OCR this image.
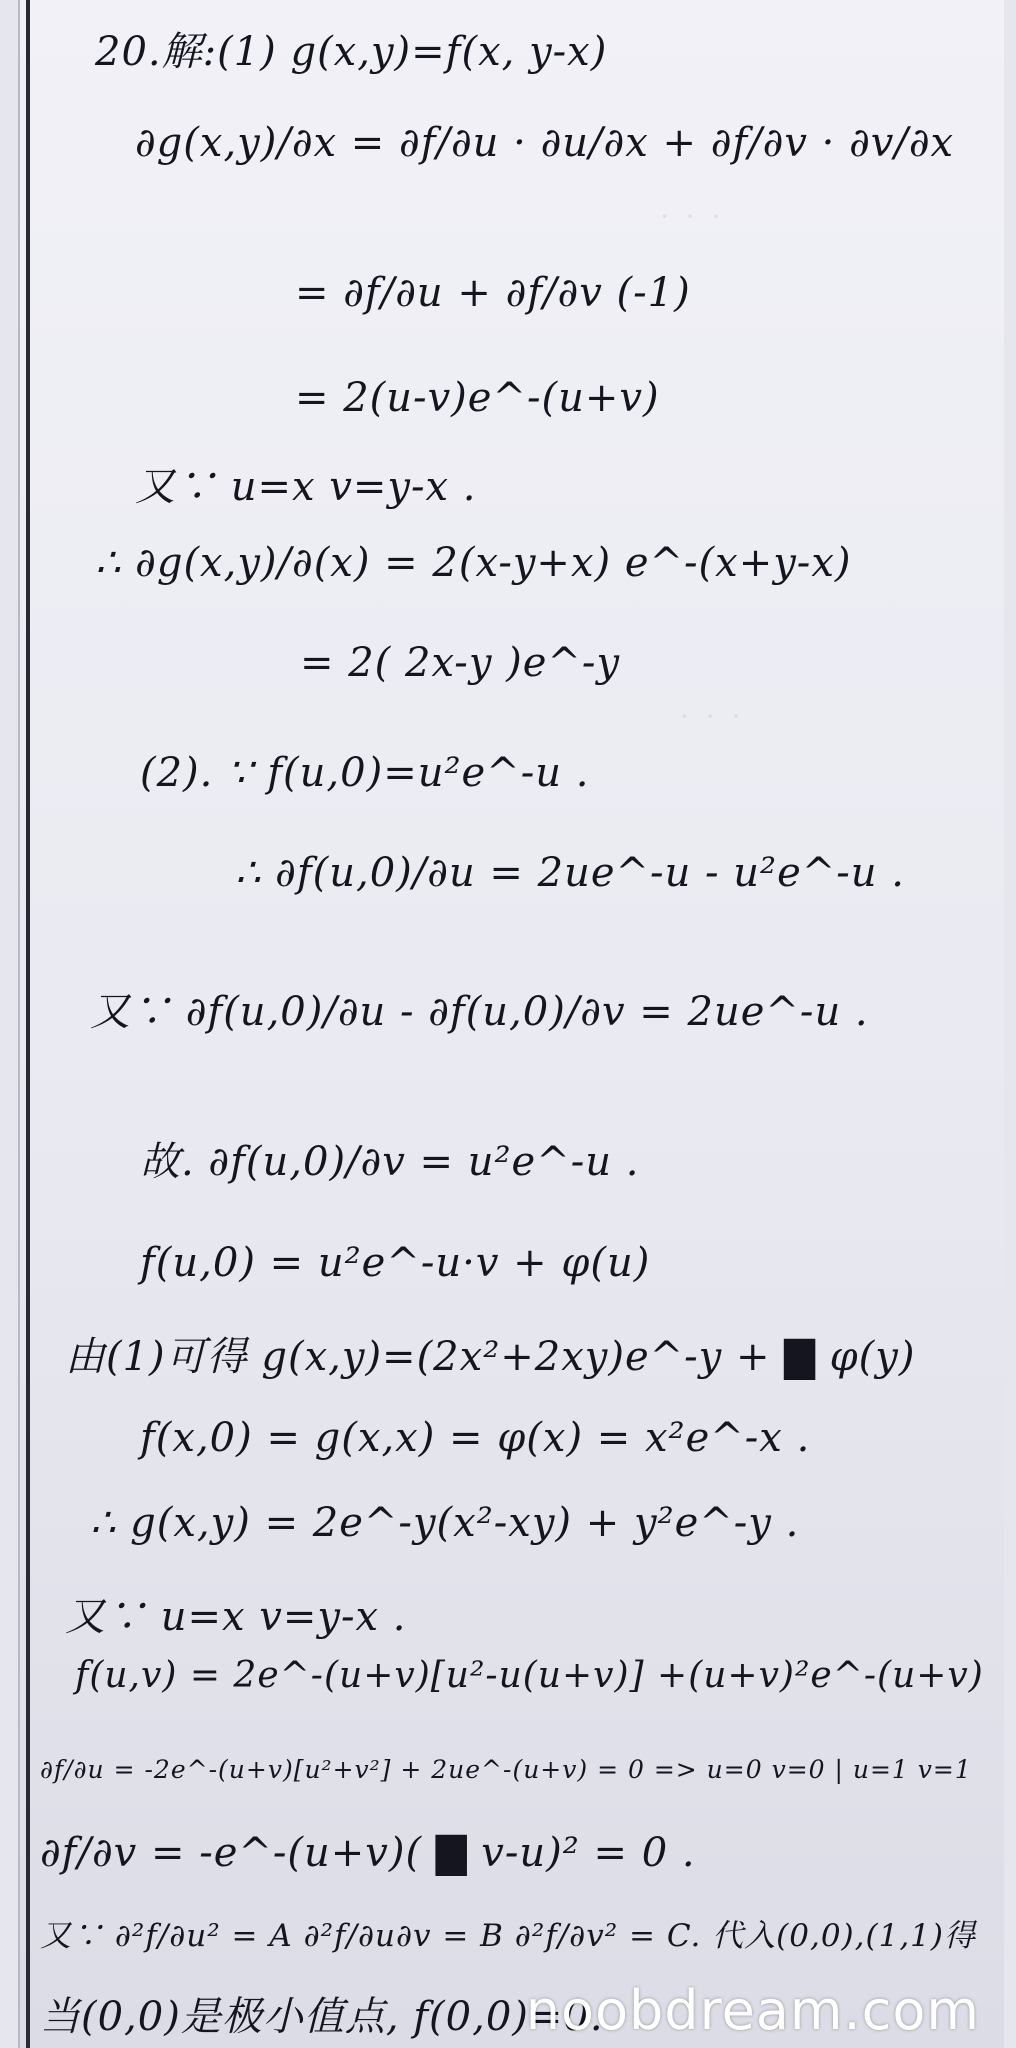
ᐧ ᐧ ᐧ
ᐧ ᐧ ᐧ
20.解:(1) g(x,y)=f(x, y-x)
∂g(x,y)/∂x = ∂f/∂u · ∂u/∂x + ∂f/∂v · ∂v/∂x
= ∂f/∂u + ∂f/∂v (-1)
= 2(u-v)e^-(u+v)
又∵ u=x v=y-x .
∴ ∂g(x,y)/∂(x) = 2(x-y+x) e^-(x+y-x)
= 2( 2x-y )e^-y
(2). ∵ f(u,0)=u²e^-u .
∴ ∂f(u,0)/∂u = 2ue^-u - u²e^-u .
又∵ ∂f(u,0)/∂u - ∂f(u,0)/∂v = 2ue^-u .
故. ∂f(u,0)/∂v = u²e^-u .
f(u,0) = u²e^-u·v + φ(u)
由(1)可得 g(x,y)=(2x²+2xy)e^-y + ▇ φ(y)
f(x,0) = g(x,x) = φ(x) = x²e^-x .
∴ g(x,y) = 2e^-y(x²-xy) + y²e^-y .
又∵ u=x v=y-x .
f(u,v) = 2e^-(u+v)[u²-u(u+v)] +(u+v)²e^-(u+v)
∂f/∂u = -2e^-(u+v)[u²+v²] + 2ue^-(u+v) = 0 => u=0 v=0 | u=1 v=1
∂f/∂v = -e^-(u+v)( ▇ v-u)² = 0 .
又∵ ∂²f/∂u² = A ∂²f/∂u∂v = B ∂²f/∂v² = C. 代入(0,0),(1,1)得
当(0,0)是极小值点, f(0,0)=0.
noobdream.com
